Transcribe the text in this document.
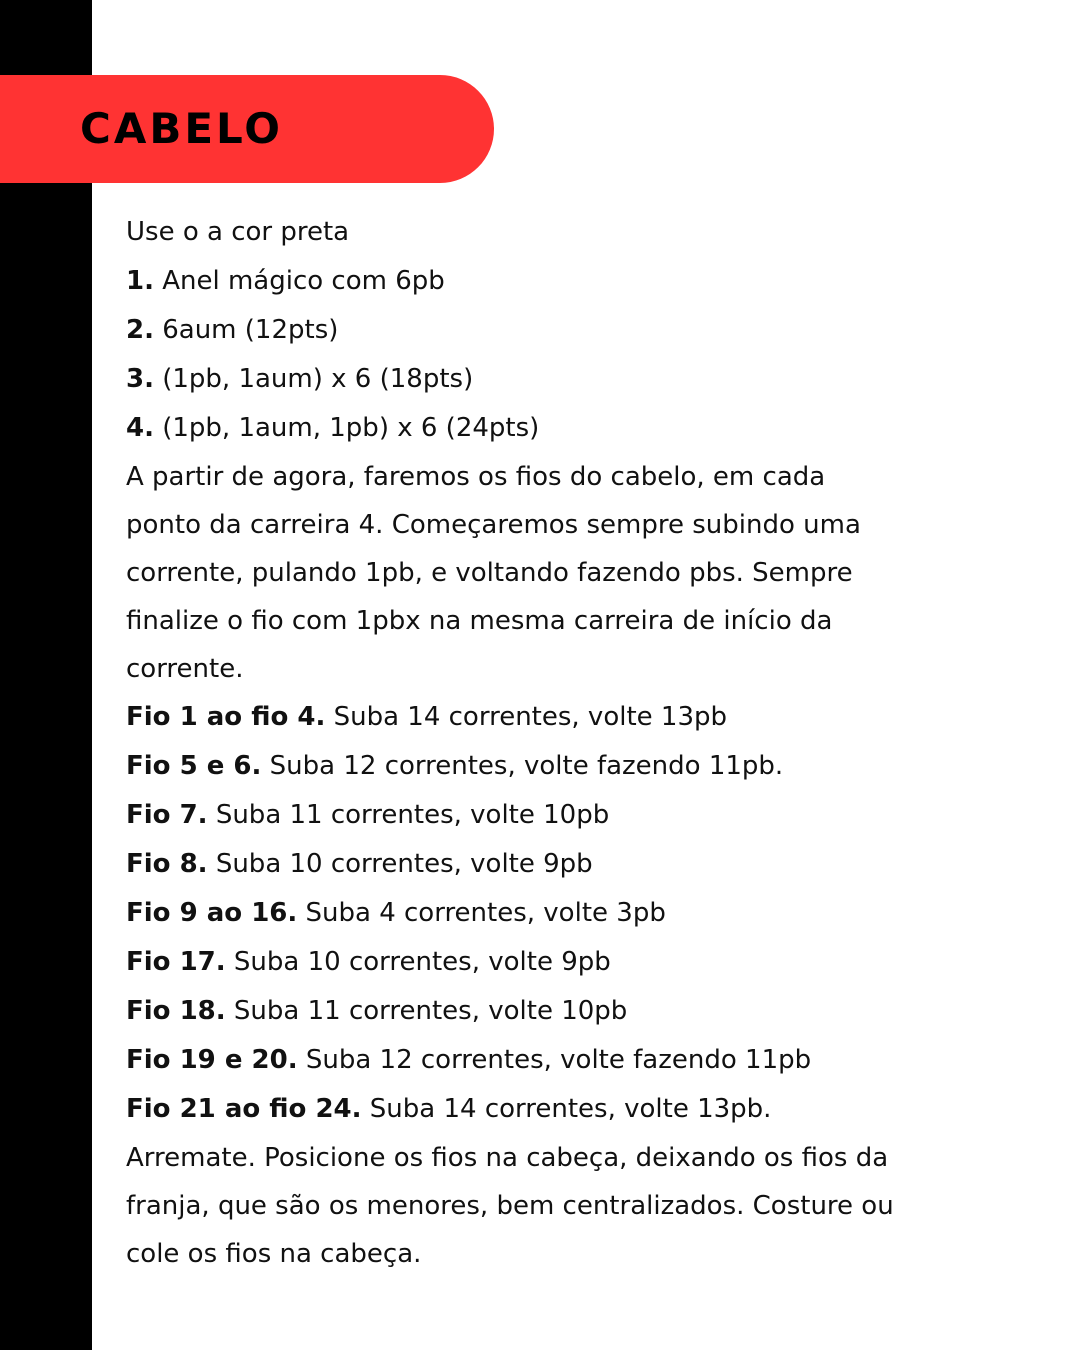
CABELO
Use o a cor preta
1. Anel mágico com 6pb
2. 6aum (12pts)
3. (1pb, 1aum) x 6 (18pts)
4. (1pb, 1aum, 1pb) x 6 (24pts)
A partir de agora, faremos os fios do cabelo, em cada
ponto da carreira 4. Começaremos sempre subindo uma
corrente, pulando 1pb, e voltando fazendo pbs. Sempre
finalize o fio com 1pbx na mesma carreira de início da
corrente.
Fio 1 ao fio 4. Suba 14 correntes, volte 13pb
Fio 5 e 6. Suba 12 correntes, volte fazendo 11pb.
Fio 7. Suba 11 correntes, volte 10pb
Fio 8. Suba 10 correntes, volte 9pb
Fio 9 ao 16. Suba 4 correntes, volte 3pb
Fio 17. Suba 10 correntes, volte 9pb
Fio 18. Suba 11 correntes, volte 10pb
Fio 19 e 20. Suba 12 correntes, volte fazendo 11pb
Fio 21 ao fio 24. Suba 14 correntes, volte 13pb.
Arremate. Posicione os fios na cabeça, deixando os fios da
franja, que são os menores, bem centralizados. Costure ou
cole os fios na cabeça.
